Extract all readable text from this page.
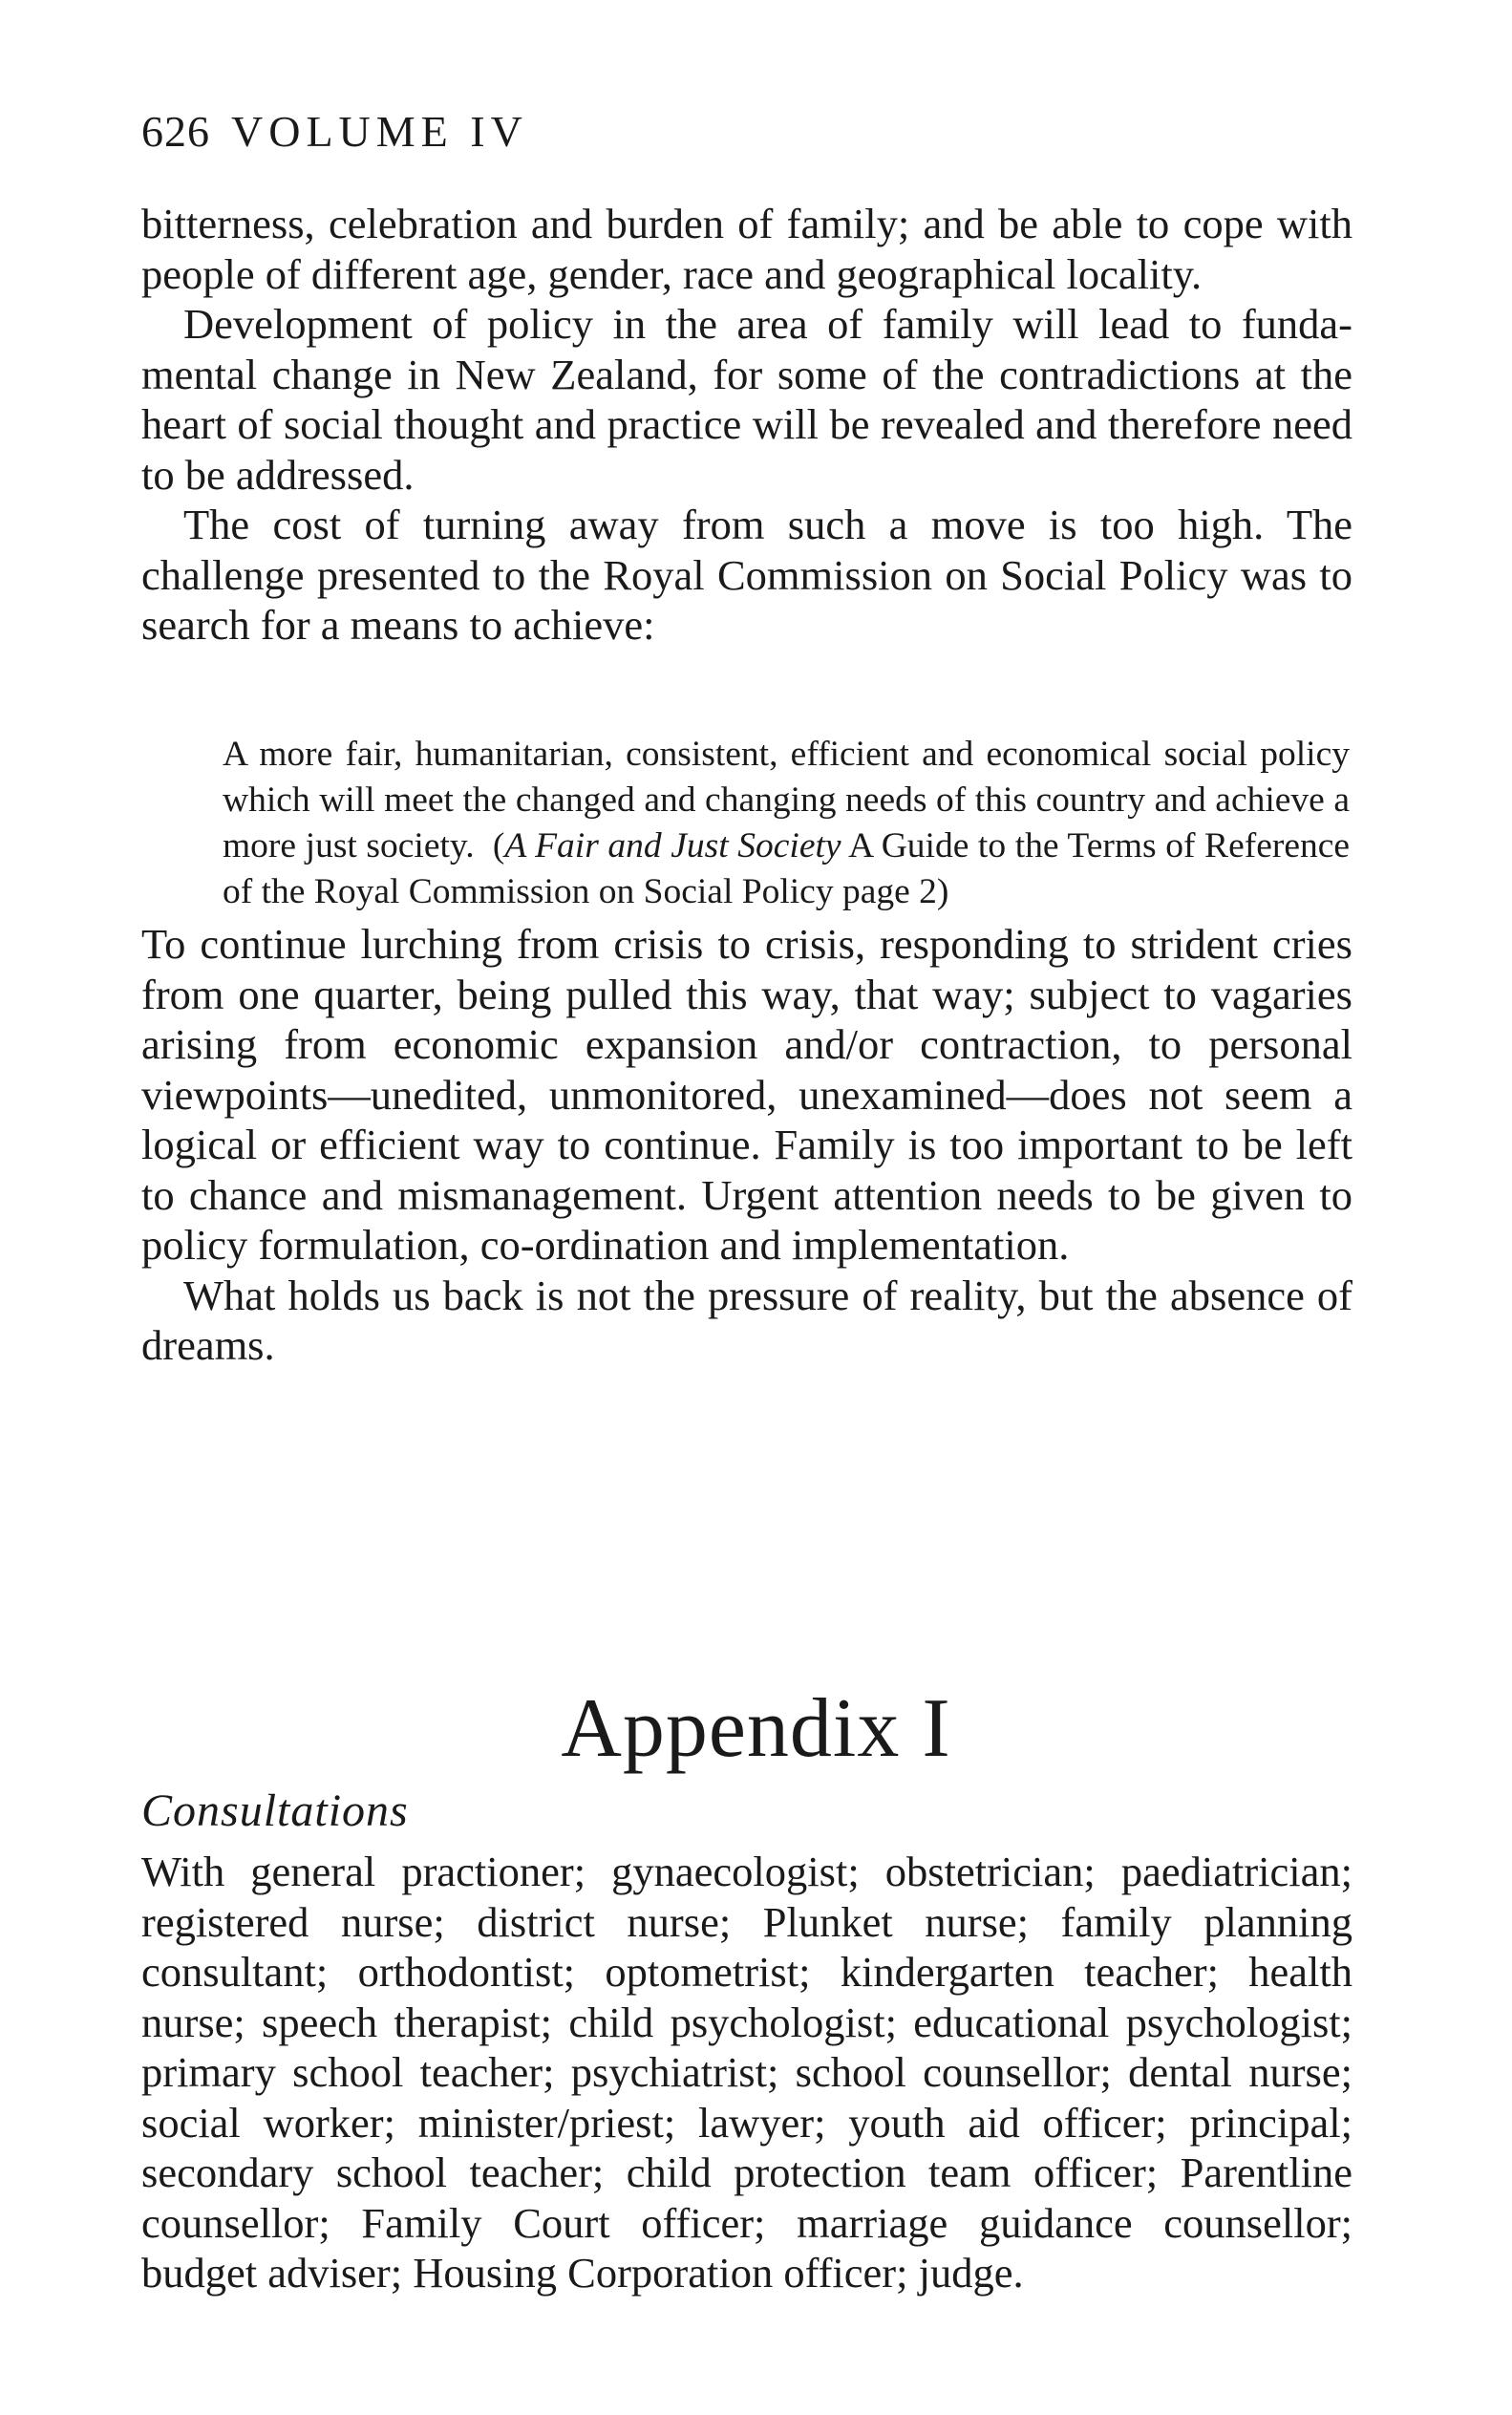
626 VOLUME IV

bitterness, celebration and burden of family; and be able to cope with people of different age, gender, race and geographical locality.

Development of policy in the area of family will lead to fundamental change in New Zealand, for some of the contradictions at the heart of social thought and practice will be revealed and therefore need to be addressed.

The cost of turning away from such a move is too high. The challenge presented to the Royal Commission on Social Policy was to search for a means to achieve:

A more fair, humanitarian, consistent, efficient and economical social policy which will meet the changed and changing needs of this country and achieve a more just society. (A Fair and Just Society A Guide to the Terms of Reference of the Royal Commission on Social Policy page 2)

To continue lurching from crisis to crisis, responding to strident cries from one quarter, being pulled this way, that way; subject to vagaries arising from economic expansion and/or contraction, to personal viewpoints—unedited, unmonitored, unexamined—does not seem a logical or efficient way to continue. Family is too important to be left to chance and mismanagement. Urgent attention needs to be given to policy formulation, co-ordination and implementation.

What holds us back is not the pressure of reality, but the absence of dreams.

Appendix I
Consultations

With general practioner; gynaecologist; obstetrician; paediatrician; registered nurse; district nurse; Plunket nurse; family planning consultant; orthodontist; optometrist; kindergarten teacher; health nurse; speech therapist; child psychologist; educational psychologist; primary school teacher; psychiatrist; school counsellor; dental nurse; social worker; minister/priest; lawyer; youth aid officer; principal; secondary school teacher; child protection team officer; Parentline counsellor; Family Court officer; marriage guidance counsellor; budget adviser; Housing Corporation officer; judge.
